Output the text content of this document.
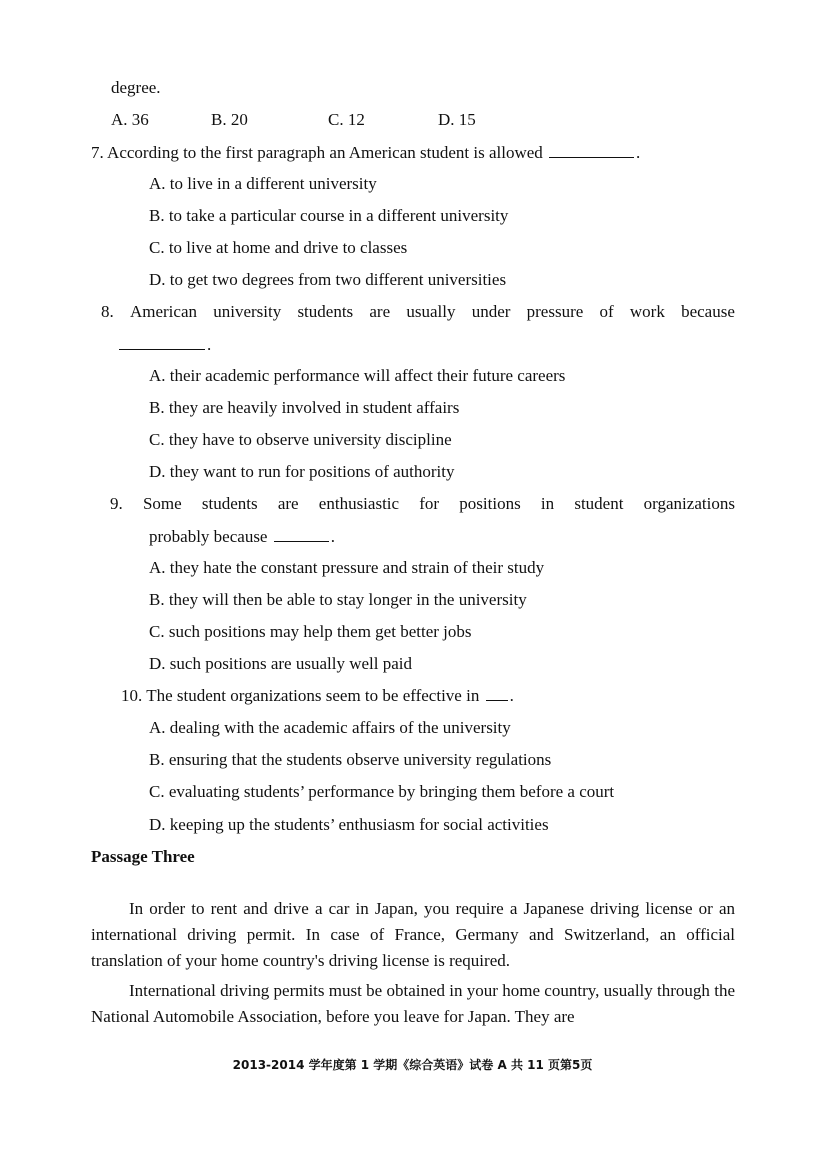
degree.
A. 36	B. 20	C. 12	D. 15
7. According to the first paragraph an American student is allowed	.
A. to live in a different university
B. to take a particular course in a different university
C. to live at home and drive to classes
D. to get two degrees from two different universities
8. American university students are usually under pressure of work because
.
A. their academic performance will affect their future careers
B. they are heavily involved in student affairs
C. they have to observe university discipline
D. they want to run for positions of authority
9. Some students are enthusiastic for positions in student organizations
probably because	.
A. they hate the constant pressure and strain of their study
B. they will then be able to stay longer in the university
C. such positions may help them get better jobs
D. such positions are usually well paid
10. The student organizations seem to be effective in .
A. dealing with the academic affairs of the university
B. ensuring that the students observe university regulations
C. evaluating students’ performance by bringing them before a court
D. keeping up the students’ enthusiasm for social activities
Passage Three
In order to rent and drive a car in Japan, you require a Japanese driving license or an international driving permit. In case of France, Germany and Switzerland, an official translation of your home country's driving license is required.
International driving permits must be obtained in your home country, usually through the National Automobile Association, before you leave for Japan. They are
2013-2014 学年度第 1 学期《综合英语》试卷 A 共 11 页第5页
